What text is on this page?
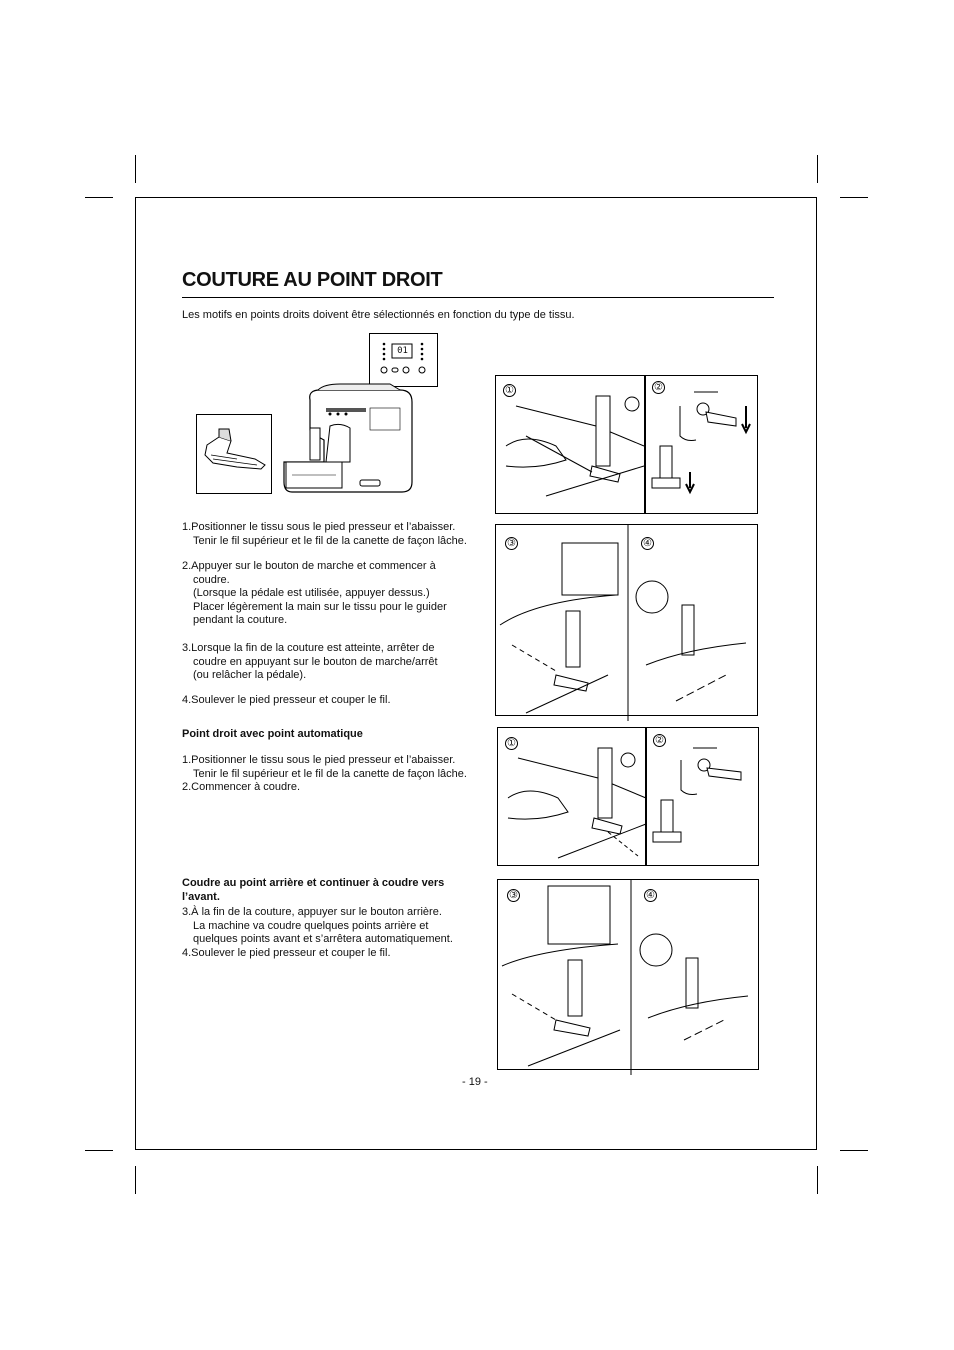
COUTURE AU POINT DROIT
Les motifs en points droits doivent être sélectionnés en fonction du type de tissu.
01
1.Positionner le tissu sous le pied presseur et l’abaisser.
Tenir le fil supérieur et le fil de la canette de façon lâche.
2.Appuyer sur le bouton de marche et commencer à
coudre.
(Lorsque la pédale est utilisée, appuyer dessus.)
Placer légèrement la main sur le tissu pour le guider
pendant la couture.
3.Lorsque la fin de la couture est atteinte, arrêter de
coudre en appuyant sur le bouton de marche/arrêt
(ou relâcher la pédale).
4.Soulever le pied presseur et couper le fil.
Point droit avec point automatique
1.Positionner le tissu sous le pied presseur et l’abaisser.
Tenir le fil supérieur et le fil de la canette de façon lâche.
2.Commencer à coudre.
Coudre au point arrière et continuer à coudre vers
l’avant.
3.À la fin de la couture, appuyer sur le bouton arrière.
La machine va coudre quelques points arrière et
quelques points avant et s’arrêtera automatiquement.
4.Soulever le pied presseur et couper le fil.
①	②
③	④
①	②
③	④
- 19 -
